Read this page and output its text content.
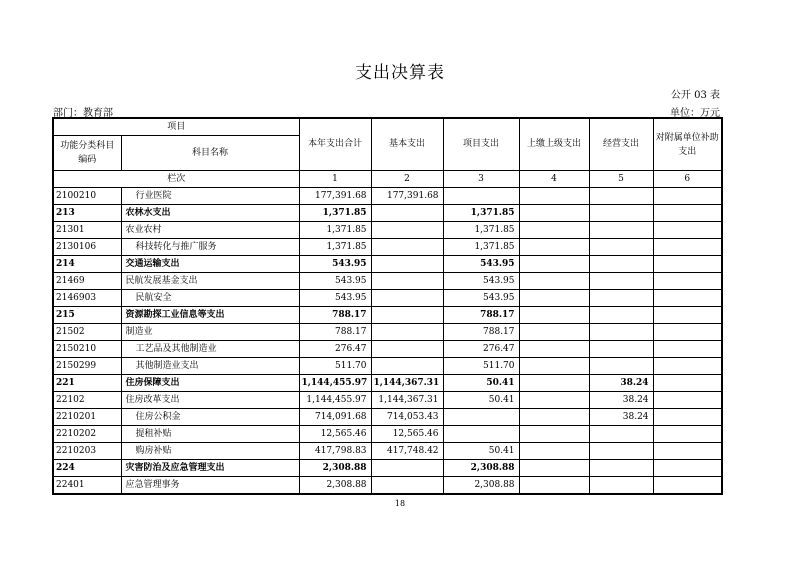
支出决算表
公开 03 表
部门：教育部	单位：万元
项目		本年支出合计	基本支出	项目支出	上缴上级支出	经营支出	对附属单位补助支出
功能分类科目编码	科目名称						
栏次		1	2	3	4	5	6
2100210	行业医院	177,391.68	177,391.68				
213	农林水支出	1,371.85		1,371.85			
21301	农业农村	1,371.85		1,371.85			
2130106	科技转化与推广服务	1,371.85		1,371.85			
214	交通运输支出	543.95		543.95			
21469	民航发展基金支出	543.95		543.95			
2146903	民航安全	543.95		543.95			
215	资源勘探工业信息等支出	788.17		788.17			
21502	制造业	788.17		788.17			
2150210	工艺品及其他制造业	276.47		276.47			
2150299	其他制造业支出	511.70		511.70			
221	住房保障支出	1,144,455.97	1,144,367.31	50.41		38.24	
22102	住房改革支出	1,144,455.97	1,144,367.31	50.41		38.24	
2210201	住房公积金	714,091.68	714,053.43			38.24	
2210202	提租补贴	12,565.46	12,565.46				
2210203	购房补贴	417,798.83	417,748.42	50.41			
224	灾害防治及应急管理支出	2,308.88		2,308.88			
22401	应急管理事务	2,308.88		2,308.88			
18
